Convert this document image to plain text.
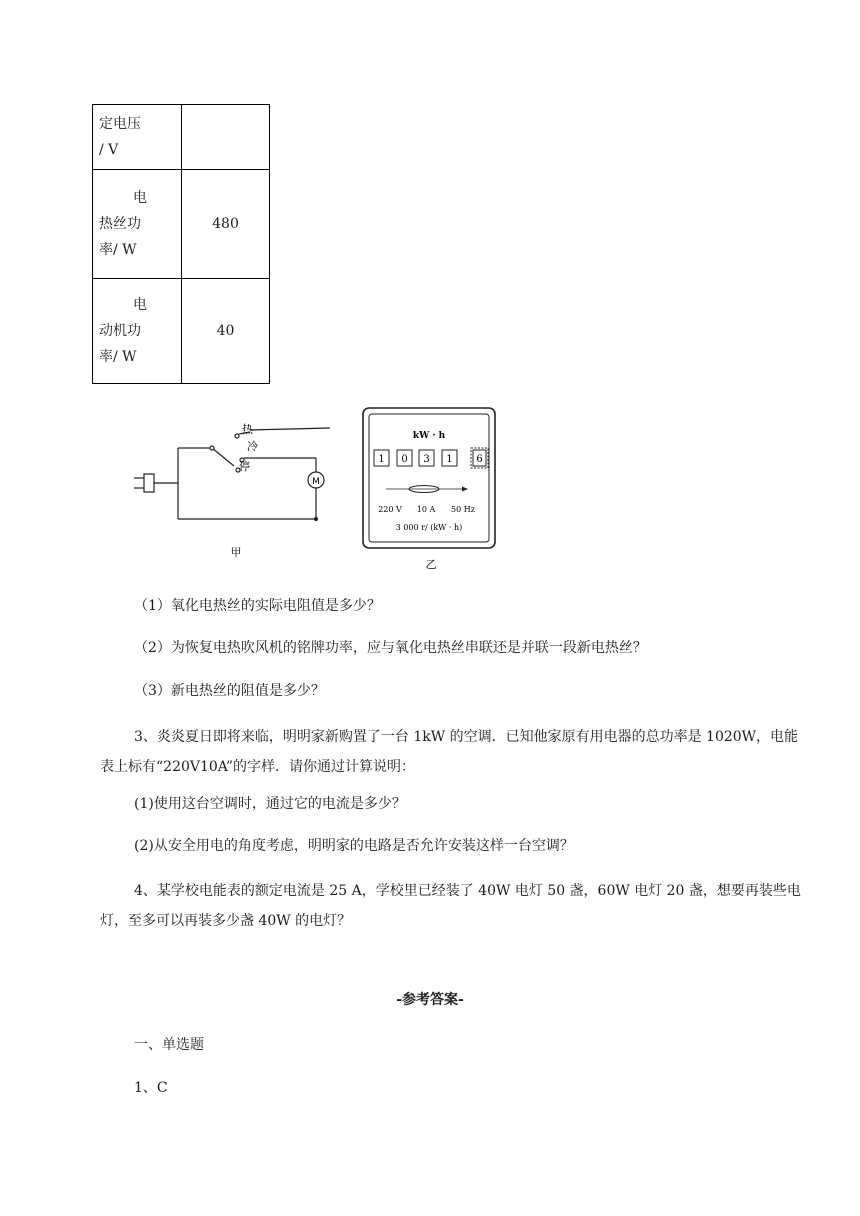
定电压
/ V	

电
热丝功
率/ W	480

电
动机功
率/ W	40
M
热
冷
停
甲
kW · h
1 0 3 1 6
220 V 10 A 50 Hz
3 000 r/ (kW · h)
乙

（1）氧化电热丝的实际电阻值是多少？

（2）为恢复电热吹风机的铭牌功率，应与氧化电热丝串联还是并联一段新电热丝？

（3）新电热丝的阻值是多少？

3、炎炎夏日即将来临，明明家新购置了一台 1kW 的空调．已知他家原有用电器的总功率是 1020W，电能表上标有“220V10A”的字样．请你通过计算说明：

(1)使用这台空调时，通过它的电流是多少？

(2)从安全用电的角度考虑，明明家的电路是否允许安装这样一台空调？

4、某学校电能表的额定电流是 25 A，学校里已经装了 40W 电灯 50 盏，60W 电灯 20 盏，想要再装些电灯，至多可以再装多少盏 40W 的电灯？

-参考答案-

一、单选题

1、C
